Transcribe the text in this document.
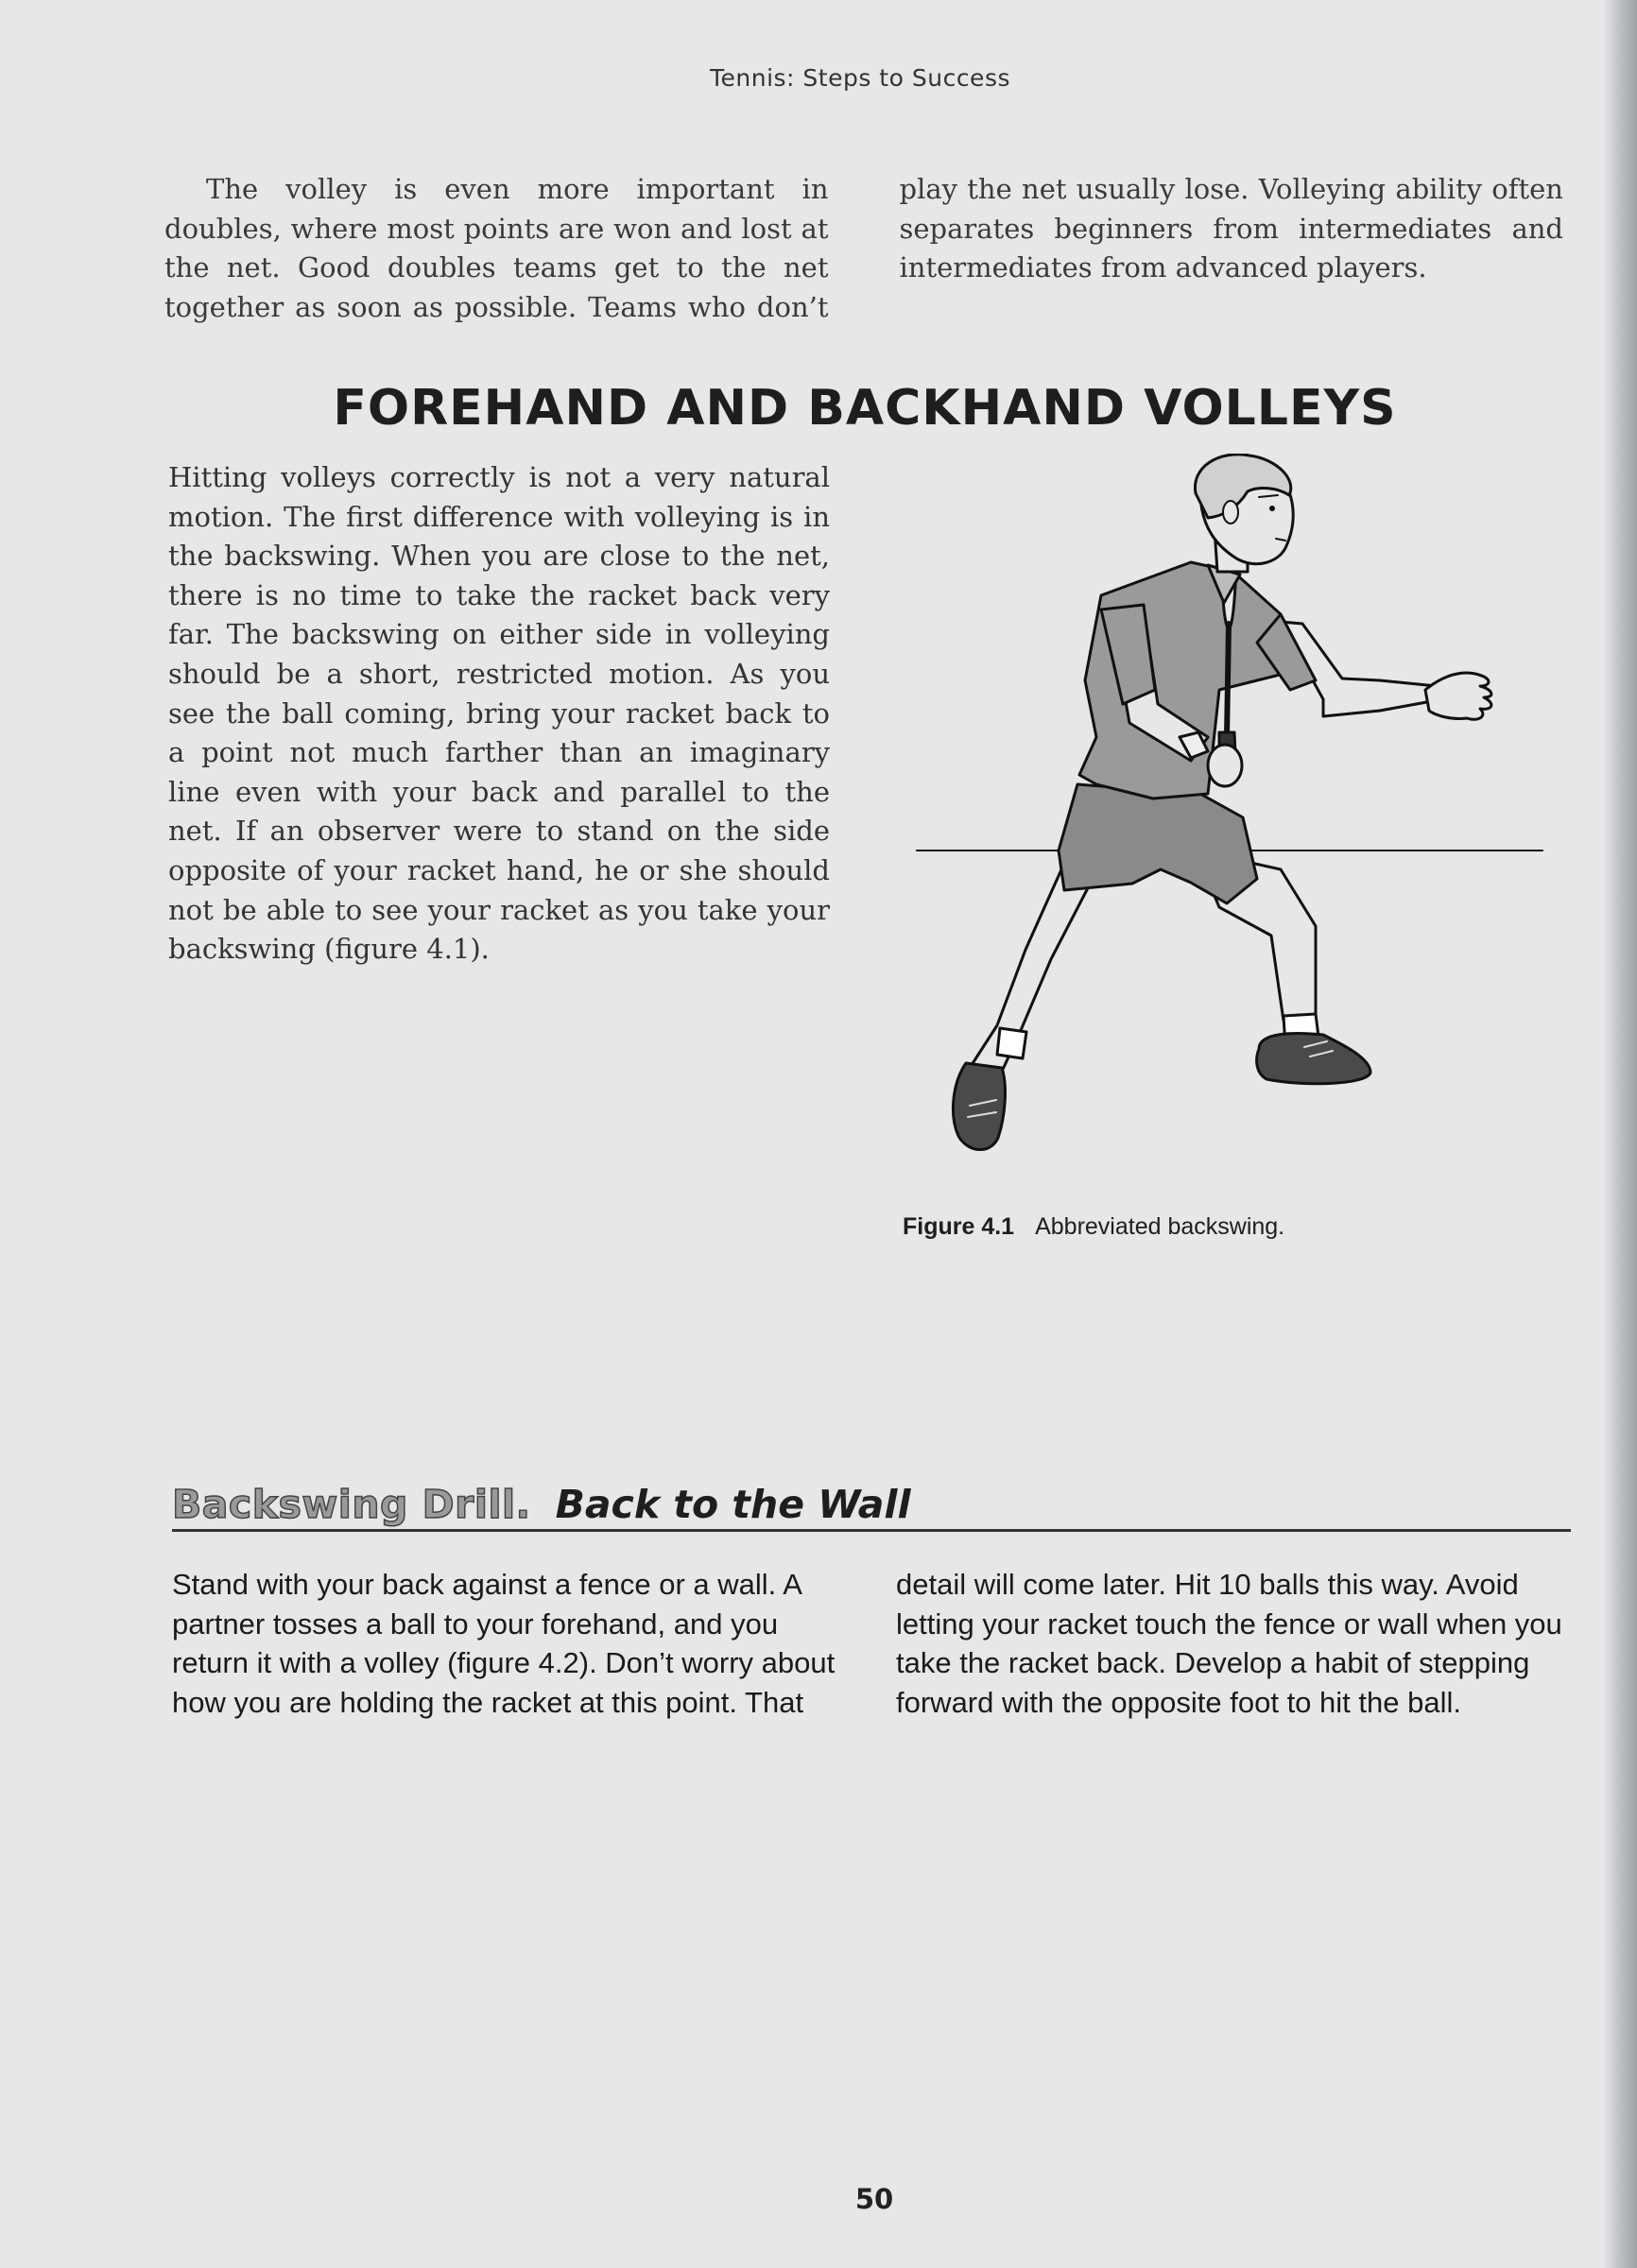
Tennis: Steps to Success

The volley is even more important in doubles, where most points are won and lost at the net. Good doubles teams get to the net together as soon as possible. Teams who don’t play the net usually lose. Volleying ability often separates beginners from intermediates and intermediates from advanced players.

FOREHAND AND BACKHAND VOLLEYS

Hitting volleys correctly is not a very natural motion. The first difference with volleying is in the backswing. When you are close to the net, there is no time to take the racket back very far. The backswing on either side in volleying should be a short, restricted motion. As you see the ball coming, bring your racket back to a point not much farther than an imaginary line even with your back and parallel to the net. If an observer were to stand on the side opposite of your racket hand, he or she should not be able to see your racket as you take your backswing (figure 4.1).

Figure 4.1 Abbreviated backswing.
Backswing Drill. Back to the Wall

Stand with your back against a fence or a wall. A partner tosses a ball to your forehand, and you return it with a volley (figure 4.2). Don’t worry about how you are holding the racket at this point. That detail will come later. Hit 10 balls this way. Avoid letting your racket touch the fence or wall when you take the racket back. Develop a habit of stepping forward with the opposite foot to hit the ball.

50
